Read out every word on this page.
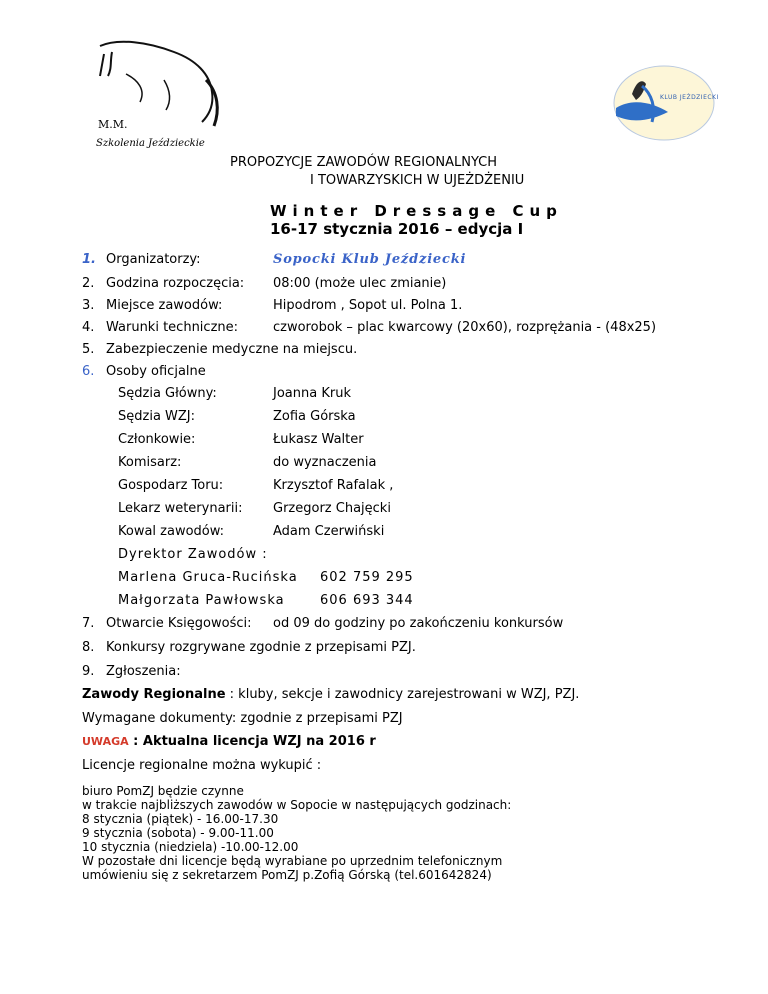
M.M.
Szkolenia Jeździeckie
KLUB JEŹDZIECKI
PROPOZYCJE ZAWODÓW REGIONALNYCH
I TOWARZYSKICH W UJEŻDŻENIU
Winter Dressage Cup
16-17 stycznia 2016 – edycja I
1. Organizatorzy:	Sopocki Klub Jeździecki
2. Godzina rozpoczęcia: 08:00 (może ulec zmianie)
3. Miejsce zawodów:	Hipodrom , Sopot ul. Polna 1.
4. Warunki techniczne:	czworobok – plac kwarcowy (20x60), rozprężania - (48x25)
5. Zabezpieczenie medyczne na miejscu.
6. Osoby oficjalne
Sędzia Główny:	Joanna Kruk
Sędzia WZJ:	Zofia Górska
Członkowie:	Łukasz Walter
Komisarz:	do wyznaczenia
Gospodarz Toru:	Krzysztof Rafalak ,
Lekarz weterynarii: Grzegorz Chajęcki
Kowal zawodów:	Adam Czerwiński
Dyrektor Zawodów :
Marlena Gruca-Rucińska 602 759 295
Małgorzata Pawłowska	606 693 344
7. Otwarcie Księgowości: od 09 do godziny po zakończeniu konkursów
8. Konkursy rozgrywane zgodnie z przepisami PZJ.
9. Zgłoszenia:
Zawody Regionalne : kluby, sekcje i zawodnicy zarejestrowani w WZJ, PZJ.
Wymagane dokumenty: zgodnie z przepisami PZJ
UWAGA : Aktualna licencja WZJ na 2016 r
Licencje regionalne można wykupić :
biuro PomZJ będzie czynne
w trakcie najbliższych zawodów w Sopocie w następujących godzinach:
8 stycznia (piątek) - 16.00-17.30
9 stycznia (sobota) - 9.00-11.00
10 stycznia (niedziela) -10.00-12.00
W pozostałe dni licencje będą wyrabiane po uprzednim telefonicznym
umówieniu się z sekretarzem PomZJ p.Zofią Górską (tel.601642824)
